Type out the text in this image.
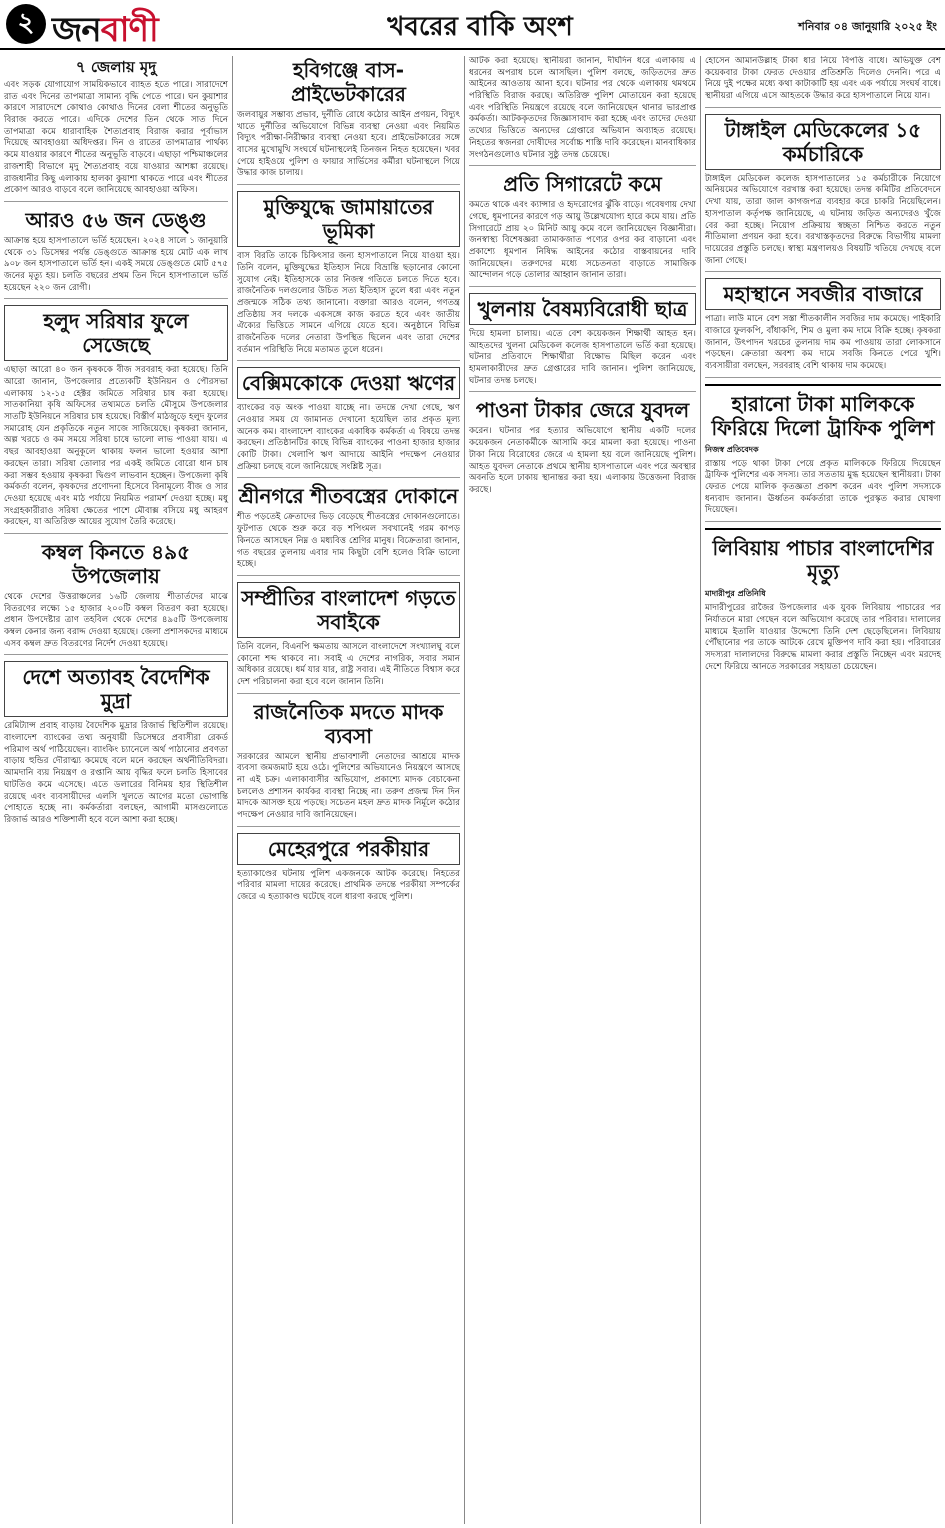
২ জনবাণী	খবরের বাকি অংশ	শনিবার ০৪ জানুয়ারি ২০২৫ ইং
৭ জেলায় মৃদু

এবং সড়ক যোগাযোগ সাময়িকভাবে ব্যাহত হতে পারে। সারাদেশে রাত এবং দিনের তাপমাত্রা সামান্য বৃদ্ধি পেতে পারে। ঘন কুয়াশার কারণে সারাদেশে কোথাও কোথাও দিনের বেলা শীতের অনুভূতি বিরাজ করতে পারে। এদিকে দেশের তিন থেকে সাত দিনে তাপমাত্রা কমে ধারাবাহিক শৈত্যপ্রবাহ বিরাজ করার পূর্বাভাস দিয়েছে আবহাওয়া অধিদপ্তর। দিন ও রাতের তাপমাত্রার পার্থক্য কমে যাওয়ার কারণে শীতের অনুভূতি বাড়বে। এছাড়া পশ্চিমাঞ্চলের রাজশাহী বিভাগে মৃদু শৈত্যপ্রবাহ বয়ে যাওয়ার আশঙ্কা রয়েছে। রাজধানীর কিছু এলাকায় হালকা কুয়াশা থাকতে পারে এবং শীতের প্রকোপ আরও বাড়বে বলে জানিয়েছে আবহাওয়া অফিস।

আরও ৫৬ জন ডেঙ্গু

আক্রান্ত হয়ে হাসপাতালে ভর্তি হয়েছেন। ২০২৪ সালে ১ জানুয়ারি থেকে ৩১ ডিসেম্বর পর্যন্ত ডেঙ্গুতে আক্রান্ত হয়ে মোট এক লাখ ৯০৮ জন হাসপাতালে ভর্তি হন। একই সময়ে ডেঙ্গুতে মোট ৫৭৫ জনের মৃত্যু হয়। চলতি বছরের প্রথম তিন দিনে হাসপাতালে ভর্তি হয়েছেন ২২০ জন রোগী।

হলুদ সরিষার ফুলে সেজেছে

এছাড়া আরো ৪০ জন কৃষককে বীজ সরবরাহ করা হয়েছে। তিনি আরো জানান, উপজেলার প্রত্যেকটি ইউনিয়ন ও পৌরসভা এলাকায় ১২-১৫ হেক্টর জমিতে সরিষার চাষ করা হয়েছে। সাতকানিয়া কৃষি অফিসের তথ্যমতে চলতি মৌসুমে উপজেলার সাতটি ইউনিয়নে সরিষার চাষ হয়েছে। বিস্তীর্ণ মাঠজুড়ে হলুদ ফুলের সমারোহ যেন প্রকৃতিকে নতুন সাজে সাজিয়েছে। কৃষকরা জানান, অল্প খরচে ও কম সময়ে সরিষা চাষে ভালো লাভ পাওয়া যায়। এ বছর আবহাওয়া অনুকূলে থাকায় ফলন ভালো হওয়ার আশা করছেন তারা। সরিষা তোলার পর একই জমিতে বোরো ধান চাষ করা সম্ভব হওয়ায় কৃষকরা দ্বিগুণ লাভবান হচ্ছেন। উপজেলা কৃষি কর্মকর্তা বলেন, কৃষকদের প্রণোদনা হিসেবে বিনামূল্যে বীজ ও সার দেওয়া হয়েছে এবং মাঠ পর্যায়ে নিয়মিত পরামর্শ দেওয়া হচ্ছে। মধু সংগ্রহকারীরাও সরিষা ক্ষেতের পাশে মৌবাক্স বসিয়ে মধু আহরণ করছেন, যা অতিরিক্ত আয়ের সুযোগ তৈরি করেছে।

কম্বল কিনতে ৪৯৫ উপজেলায়

থেকে দেশের উত্তরাঞ্চলের ১৬টি জেলায় শীতার্তদের মাঝে বিতরণের লক্ষ্যে ১৫ হাজার ২০০টি কম্বল বিতরণ করা হয়েছে। প্রধান উপদেষ্টার ত্রাণ তহবিল থেকে দেশের ৪৯৫টি উপজেলায় কম্বল কেনার জন্য বরাদ্দ দেওয়া হয়েছে। জেলা প্রশাসকদের মাধ্যমে এসব কম্বল দ্রুত বিতরণের নির্দেশ দেওয়া হয়েছে।

দেশে অত্যাবহ বৈদেশিক মুদ্রা

রেমিট্যান্স প্রবাহ বাড়ায় বৈদেশিক মুদ্রার রিজার্ভ স্থিতিশীল রয়েছে। বাংলাদেশ ব্যাংকের তথ্য অনুযায়ী ডিসেম্বরে প্রবাসীরা রেকর্ড পরিমাণ অর্থ পাঠিয়েছেন। ব্যাংকিং চ্যানেলে অর্থ পাঠানোর প্রবণতা বাড়ায় হুন্ডির দৌরাত্ম্য কমেছে বলে মনে করছেন অর্থনীতিবিদরা। আমদানি ব্যয় নিয়ন্ত্রণ ও রপ্তানি আয় বৃদ্ধির ফলে চলতি হিসাবের ঘাটতিও কমে এসেছে। এতে ডলারের বিনিময় হার স্থিতিশীল রয়েছে এবং ব্যবসায়ীদের এলসি খুলতে আগের মতো ভোগান্তি পোহাতে হচ্ছে না। কর্মকর্তারা বলছেন, আগামী মাসগুলোতে রিজার্ভ আরও শক্তিশালী হবে বলে আশা করা হচ্ছে।

হবিগঞ্জে বাস-প্রাইভেটকারের

জলবায়ুর সম্ভাব্য প্রভাব, দুর্নীতি রোধে কঠোর আইন প্রণয়ন, বিদ্যুৎ খাতে দুর্নীতির অভিযোগে বিভিন্ন ব্যবস্থা নেওয়া এবং নিয়মিত বিদ্যুৎ পরীক্ষা-নিরীক্ষার ব্যবস্থা নেওয়া হবে। প্রাইভেটকারের সঙ্গে বাসের মুখোমুখি সংঘর্ষে ঘটনাস্থলেই তিনজন নিহত হয়েছেন। খবর পেয়ে হাইওয়ে পুলিশ ও ফায়ার সার্ভিসের কর্মীরা ঘটনাস্থলে গিয়ে উদ্ধার কাজ চালায়।

মুক্তিযুদ্ধে জামায়াতের ভূমিকা

বাস বিরতি তাকে চিকিৎসার জন্য হাসপাতালে নিয়ে যাওয়া হয়। তিনি বলেন, মুক্তিযুদ্ধের ইতিহাস নিয়ে বিভ্রান্তি ছড়ানোর কোনো সুযোগ নেই। ইতিহাসকে তার নিজস্ব গতিতে চলতে দিতে হবে। রাজনৈতিক দলগুলোর উচিত সত্য ইতিহাস তুলে ধরা এবং নতুন প্রজন্মকে সঠিক তথ্য জানানো। বক্তারা আরও বলেন, গণতন্ত্র প্রতিষ্ঠায় সব দলকে একসঙ্গে কাজ করতে হবে এবং জাতীয় ঐক্যের ভিত্তিতে সামনে এগিয়ে যেতে হবে। অনুষ্ঠানে বিভিন্ন রাজনৈতিক দলের নেতারা উপস্থিত ছিলেন এবং তারা দেশের বর্তমান পরিস্থিতি নিয়ে মতামত তুলে ধরেন।

বেক্সিমকোকে দেওয়া ঋণের

ব্যাংকের বড় অংক পাওয়া যাচ্ছে না। তদন্তে দেখা গেছে, ঋণ নেওয়ার সময় যে জামানত দেখানো হয়েছিল তার প্রকৃত মূল্য অনেক কম। বাংলাদেশ ব্যাংকের একাধিক কর্মকর্তা এ বিষয়ে তদন্ত করছেন। প্রতিষ্ঠানটির কাছে বিভিন্ন ব্যাংকের পাওনা হাজার হাজার কোটি টাকা। খেলাপি ঋণ আদায়ে আইনি পদক্ষেপ নেওয়ার প্রক্রিয়া চলছে বলে জানিয়েছে সংশ্লিষ্ট সূত্র।

শ্রীনগরে শীতবস্ত্রের দোকানে

শীত পড়তেই ক্রেতাদের ভিড় বেড়েছে শীতবস্ত্রের দোকানগুলোতে। ফুটপাত থেকে শুরু করে বড় শপিংমল সবখানেই গরম কাপড় কিনতে আসছেন নিম্ন ও মধ্যবিত্ত শ্রেণির মানুষ। বিক্রেতারা জানান, গত বছরের তুলনায় এবার দাম কিছুটা বেশি হলেও বিক্রি ভালো হচ্ছে।

সম্প্রীতির বাংলাদেশ গড়তে সবাইকে

তিনি বলেন, বিএনপি ক্ষমতায় আসলে বাংলাদেশে সংখ্যালঘু বলে কোনো শব্দ থাকবে না। সবাই এ দেশের নাগরিক, সবার সমান অধিকার রয়েছে। ধর্ম যার যার, রাষ্ট্র সবার। এই নীতিতে বিশ্বাস করে দেশ পরিচালনা করা হবে বলে জানান তিনি।

রাজনৈতিক মদতে মাদক ব্যবসা

সরকারের আমলে স্থানীয় প্রভাবশালী নেতাদের আশ্রয়ে মাদক ব্যবসা জমজমাট হয়ে ওঠে। পুলিশের অভিযানেও নিয়ন্ত্রণে আসছে না এই চক্র। এলাকাবাসীর অভিযোগ, প্রকাশ্যে মাদক বেচাকেনা চললেও প্রশাসন কার্যকর ব্যবস্থা নিচ্ছে না। তরুণ প্রজন্ম দিন দিন মাদকে আসক্ত হয়ে পড়ছে। সচেতন মহল দ্রুত মাদক নির্মূলে কঠোর পদক্ষেপ নেওয়ার দাবি জানিয়েছেন।

মেহেরপুরে পরকীয়ার

হত্যাকাণ্ডের ঘটনায় পুলিশ একজনকে আটক করেছে। নিহতের পরিবার মামলা দায়ের করেছে। প্রাথমিক তদন্তে পরকীয়া সম্পর্কের জেরে এ হত্যাকাণ্ড ঘটেছে বলে ধারণা করছে পুলিশ।

আটক করা হয়েছে। স্থানীয়রা জানান, দীর্ঘদিন ধরে এলাকায় এ ধরনের অপরাধ চলে আসছিল। পুলিশ বলছে, জড়িতদের দ্রুত আইনের আওতায় আনা হবে। ঘটনার পর থেকে এলাকায় থমথমে পরিস্থিতি বিরাজ করছে। অতিরিক্ত পুলিশ মোতায়েন করা হয়েছে এবং পরিস্থিতি নিয়ন্ত্রণে রয়েছে বলে জানিয়েছেন থানার ভারপ্রাপ্ত কর্মকর্তা। আটককৃতদের জিজ্ঞাসাবাদ করা হচ্ছে এবং তাদের দেওয়া তথ্যের ভিত্তিতে অন্যদের গ্রেপ্তারে অভিযান অব্যাহত রয়েছে। নিহতের স্বজনরা দোষীদের সর্বোচ্চ শাস্তি দাবি করেছেন। মানবাধিকার সংগঠনগুলোও ঘটনার সুষ্ঠু তদন্ত চেয়েছে।

প্রতি সিগারেটে কমে

কমতে থাকে এবং ক্যান্সার ও হৃদরোগের ঝুঁকি বাড়ে। গবেষণায় দেখা গেছে, ধূমপানের কারণে গড় আয়ু উল্লেখযোগ্য হারে কমে যায়। প্রতি সিগারেটে প্রায় ২০ মিনিট আয়ু কমে বলে জানিয়েছেন বিজ্ঞানীরা। জনস্বাস্থ্য বিশেষজ্ঞরা তামাকজাত পণ্যের ওপর কর বাড়ানো এবং প্রকাশ্যে ধূমপান নিষিদ্ধ আইনের কঠোর বাস্তবায়নের দাবি জানিয়েছেন। তরুণদের মধ্যে সচেতনতা বাড়াতে সামাজিক আন্দোলন গড়ে তোলার আহ্বান জানান তারা।

খুলনায় বৈষম্যবিরোধী ছাত্র

দিয়ে হামলা চালায়। এতে বেশ কয়েকজন শিক্ষার্থী আহত হন। আহতদের খুলনা মেডিকেল কলেজ হাসপাতালে ভর্তি করা হয়েছে। ঘটনার প্রতিবাদে শিক্ষার্থীরা বিক্ষোভ মিছিল করেন এবং হামলাকারীদের দ্রুত গ্রেপ্তারের দাবি জানান। পুলিশ জানিয়েছে, ঘটনার তদন্ত চলছে।

পাওনা টাকার জেরে যুবদল

করেন। ঘটনার পর হত্যার অভিযোগে স্থানীয় একটি দলের কয়েকজন নেতাকর্মীকে আসামি করে মামলা করা হয়েছে। পাওনা টাকা নিয়ে বিরোধের জেরে এ হামলা হয় বলে জানিয়েছে পুলিশ। আহত যুবদল নেতাকে প্রথমে স্থানীয় হাসপাতালে এবং পরে অবস্থার অবনতি হলে ঢাকায় স্থানান্তর করা হয়। এলাকায় উত্তেজনা বিরাজ করছে।

হোসেন আমানউল্লাহ টাকা ধার নিয়ে বিপত্তি বাধে। অভিযুক্ত বেশ কয়েকবার টাকা ফেরত দেওয়ার প্রতিশ্রুতি দিলেও দেননি। পরে এ নিয়ে দুই পক্ষের মধ্যে কথা কাটাকাটি হয় এবং এক পর্যায়ে সংঘর্ষ বাধে। স্থানীয়রা এগিয়ে এসে আহতকে উদ্ধার করে হাসপাতালে নিয়ে যান।

টাঙ্গাইল মেডিকেলের ১৫ কর্মচারিকে

টাঙ্গাইল মেডিকেল কলেজ হাসপাতালের ১৫ কর্মচারীকে নিয়োগে অনিয়মের অভিযোগে বরখাস্ত করা হয়েছে। তদন্ত কমিটির প্রতিবেদনে দেখা যায়, তারা জাল কাগজপত্র ব্যবহার করে চাকরি নিয়েছিলেন। হাসপাতাল কর্তৃপক্ষ জানিয়েছে, এ ঘটনায় জড়িত অন্যদেরও খুঁজে বের করা হচ্ছে। নিয়োগ প্রক্রিয়ায় স্বচ্ছতা নিশ্চিত করতে নতুন নীতিমালা প্রণয়ন করা হবে। বরখাস্তকৃতদের বিরুদ্ধে বিভাগীয় মামলা দায়েরের প্রস্তুতি চলছে। স্বাস্থ্য মন্ত্রণালয়ও বিষয়টি খতিয়ে দেখছে বলে জানা গেছে।

মহাস্থানে সবজীর বাজারে

পাত্রা। লাউ মানে বেশ সস্তা শীতকালীন সবজির দাম কমেছে। পাইকারি বাজারে ফুলকপি, বাঁধাকপি, শিম ও মুলা কম দামে বিক্রি হচ্ছে। কৃষকরা জানান, উৎপাদন খরচের তুলনায় দাম কম পাওয়ায় তারা লোকসানে পড়ছেন। ক্রেতারা অবশ্য কম দামে সবজি কিনতে পেরে খুশি। ব্যবসায়ীরা বলছেন, সরবরাহ বেশি থাকায় দাম কমেছে।

হারানো টাকা মালিককে ফিরিয়ে দিলো ট্রাফিক পুলিশ
নিজস্ব প্রতিবেদক

রাস্তায় পড়ে থাকা টাকা পেয়ে প্রকৃত মালিককে ফিরিয়ে দিয়েছেন ট্রাফিক পুলিশের এক সদস্য। তার সততায় মুগ্ধ হয়েছেন স্থানীয়রা। টাকা ফেরত পেয়ে মালিক কৃতজ্ঞতা প্রকাশ করেন এবং পুলিশ সদস্যকে ধন্যবাদ জানান। ঊর্ধ্বতন কর্মকর্তারা তাকে পুরস্কৃত করার ঘোষণা দিয়েছেন।

লিবিয়ায় পাচার বাংলাদেশির মৃত্যু
মাদারীপুর প্রতিনিধি

মাদারীপুরের রাজৈর উপজেলার এক যুবক লিবিয়ায় পাচারের পর নির্যাতনে মারা গেছেন বলে অভিযোগ করেছে তার পরিবার। দালালের মাধ্যমে ইতালি যাওয়ার উদ্দেশ্যে তিনি দেশ ছেড়েছিলেন। লিবিয়ায় পৌঁছানোর পর তাকে আটকে রেখে মুক্তিপণ দাবি করা হয়। পরিবারের সদস্যরা দালালদের বিরুদ্ধে মামলা করার প্রস্তুতি নিচ্ছেন এবং মরদেহ দেশে ফিরিয়ে আনতে সরকারের সহায়তা চেয়েছেন।
